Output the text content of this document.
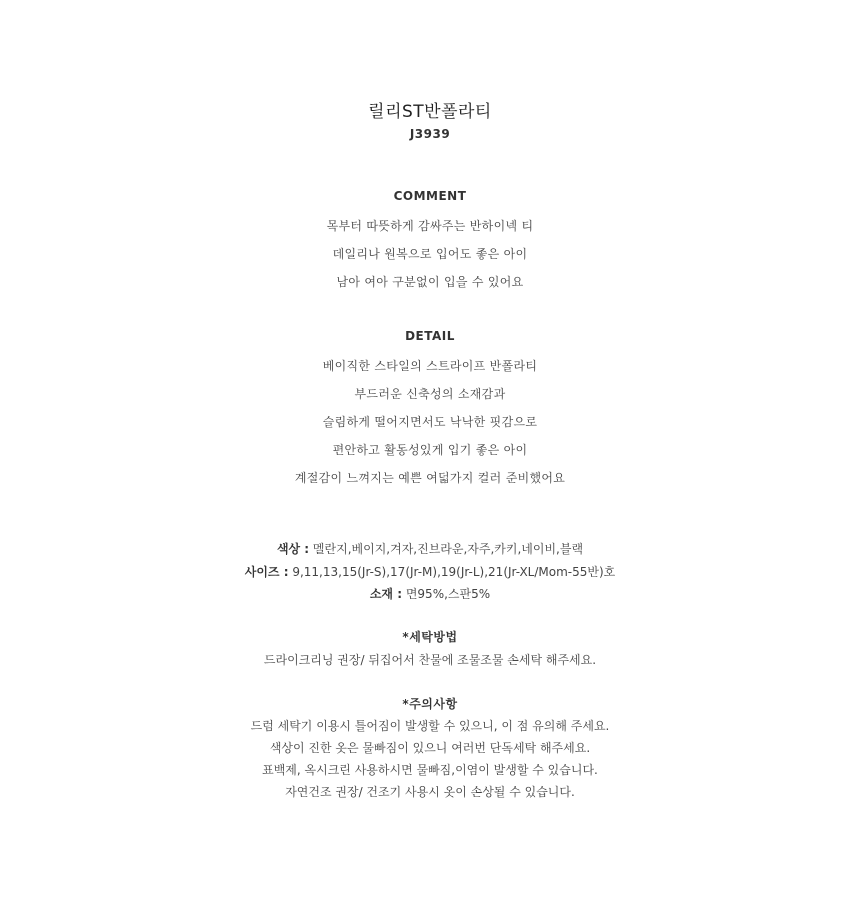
릴리ST반폴라티
J3939
COMMENT
목부터 따뜻하게 감싸주는 반하이넥 티
데일리나 원복으로 입어도 좋은 아이
남아 여아 구분없이 입을 수 있어요
DETAIL
베이직한 스타일의 스트라이프 반폴라티
부드러운 신축성의 소재감과
슬림하게 떨어지면서도 낙낙한 핏감으로
편안하고 활동성있게 입기 좋은 아이
계절감이 느껴지는 예쁜 여덟가지 컬러 준비했어요
색상 : 멜란지,베이지,겨자,진브라운,자주,카키,네이비,블랙
사이즈 : 9,11,13,15(Jr-S),17(Jr-M),19(Jr-L),21(Jr-XL/Mom-55반)호
소재 : 면95%,스판5%
*세탁방법
드라이크리닝 권장/ 뒤집어서 찬물에 조물조물 손세탁 해주세요.
*주의사항
드럼 세탁기 이용시 틀어짐이 발생할 수 있으니, 이 점 유의해 주세요.
색상이 진한 옷은 물빠짐이 있으니 여러번 단독세탁 해주세요.
표백제, 옥시크린 사용하시면 물빠짐,이염이 발생할 수 있습니다.
자연건조 권장/ 건조기 사용시 옷이 손상될 수 있습니다.
